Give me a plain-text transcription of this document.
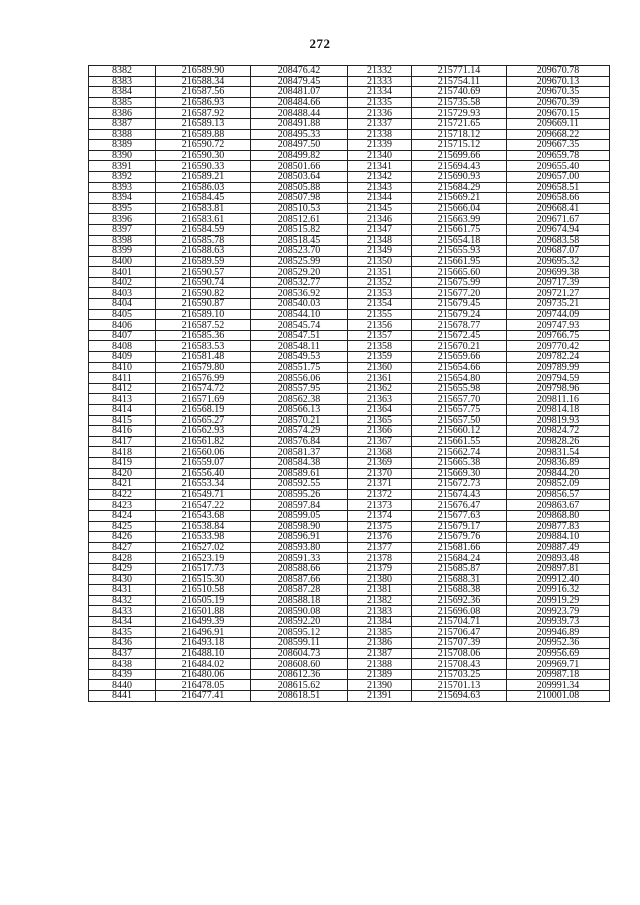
272
8382	216589.90	208476.42	21332	215771.14	209670.78
8383	216588.34	208479.45	21333	215754.11	209670.13
8384	216587.56	208481.07	21334	215740.69	209670.35
8385	216586.93	208484.66	21335	215735.58	209670.39
8386	216587.92	208488.44	21336	215729.93	209670.15
8387	216589.13	208491.88	21337	215721.65	209669.11
8388	216589.88	208495.33	21338	215718.12	209668.22
8389	216590.72	208497.50	21339	215715.12	209667.35
8390	216590.30	208499.82	21340	215699.66	209659.78
8391	216590.33	208501.66	21341	215694.43	209655.40
8392	216589.21	208503.64	21342	215690.93	209657.00
8393	216586.03	208505.88	21343	215684.29	209658.51
8394	216584.45	208507.98	21344	215669.21	209658.66
8395	216583.81	208510.53	21345	215666.04	209668.41
8396	216583.61	208512.61	21346	215663.99	209671.67
8397	216584.59	208515.82	21347	215661.75	209674.94
8398	216585.78	208518.45	21348	215654.18	209683.58
8399	216588.63	208523.70	21349	215655.93	209687.07
8400	216589.59	208525.99	21350	215661.95	209695.32
8401	216590.57	208529.20	21351	215665.60	209699.38
8402	216590.74	208532.77	21352	215675.99	209717.39
8403	216590.82	208536.92	21353	215677.20	209721.27
8404	216590.87	208540.03	21354	215679.45	209735.21
8405	216589.10	208544.10	21355	215679.24	209744.09
8406	216587.52	208545.74	21356	215678.77	209747.93
8407	216585.36	208547.51	21357	215672.45	209766.75
8408	216583.53	208548.11	21358	215670.21	209770.42
8409	216581.48	208549.53	21359	215659.66	209782.24
8410	216579.80	208551.75	21360	215654.66	209789.99
8411	216576.99	208556.06	21361	215654.80	209794.59
8412	216574.72	208557.95	21362	215655.98	209798.96
8413	216571.69	208562.38	21363	215657.70	209811.16
8414	216568.19	208566.13	21364	215657.75	209814.18
8415	216565.27	208570.21	21365	215657.50	209819.93
8416	216562.93	208574.29	21366	215660.12	209824.72
8417	216561.82	208576.84	21367	215661.55	209828.26
8418	216560.06	208581.37	21368	215662.74	209831.54
8419	216559.07	208584.38	21369	215665.38	209836.89
8420	216556.40	208589.61	21370	215669.30	209844.20
8421	216553.34	208592.55	21371	215672.73	209852.09
8422	216549.71	208595.26	21372	215674.43	209856.57
8423	216547.22	208597.84	21373	215676.47	209863.67
8424	216543.68	208599.05	21374	215677.63	209868.80
8425	216538.84	208598.90	21375	215679.17	209877.83
8426	216533.98	208596.91	21376	215679.76	209884.10
8427	216527.02	208593.80	21377	215681.66	209887.49
8428	216523.19	208591.33	21378	215684.24	209893.48
8429	216517.73	208588.66	21379	215685.87	209897.81
8430	216515.30	208587.66	21380	215688.31	209912.40
8431	216510.58	208587.28	21381	215688.38	209916.32
8432	216505.19	208588.18	21382	215692.36	209919.29
8433	216501.88	208590.08	21383	215696.08	209923.79
8434	216499.39	208592.20	21384	215704.71	209939.73
8435	216496.91	208595.12	21385	215706.47	209946.89
8436	216493.18	208599.11	21386	215707.39	209952.36
8437	216488.10	208604.73	21387	215708.06	209956.69
8438	216484.02	208608.60	21388	215708.43	209969.71
8439	216480.06	208612.36	21389	215703.25	209987.18
8440	216478.05	208615.62	21390	215701.13	209991.34
8441	216477.41	208618.51	21391	215694.63	210001.08
